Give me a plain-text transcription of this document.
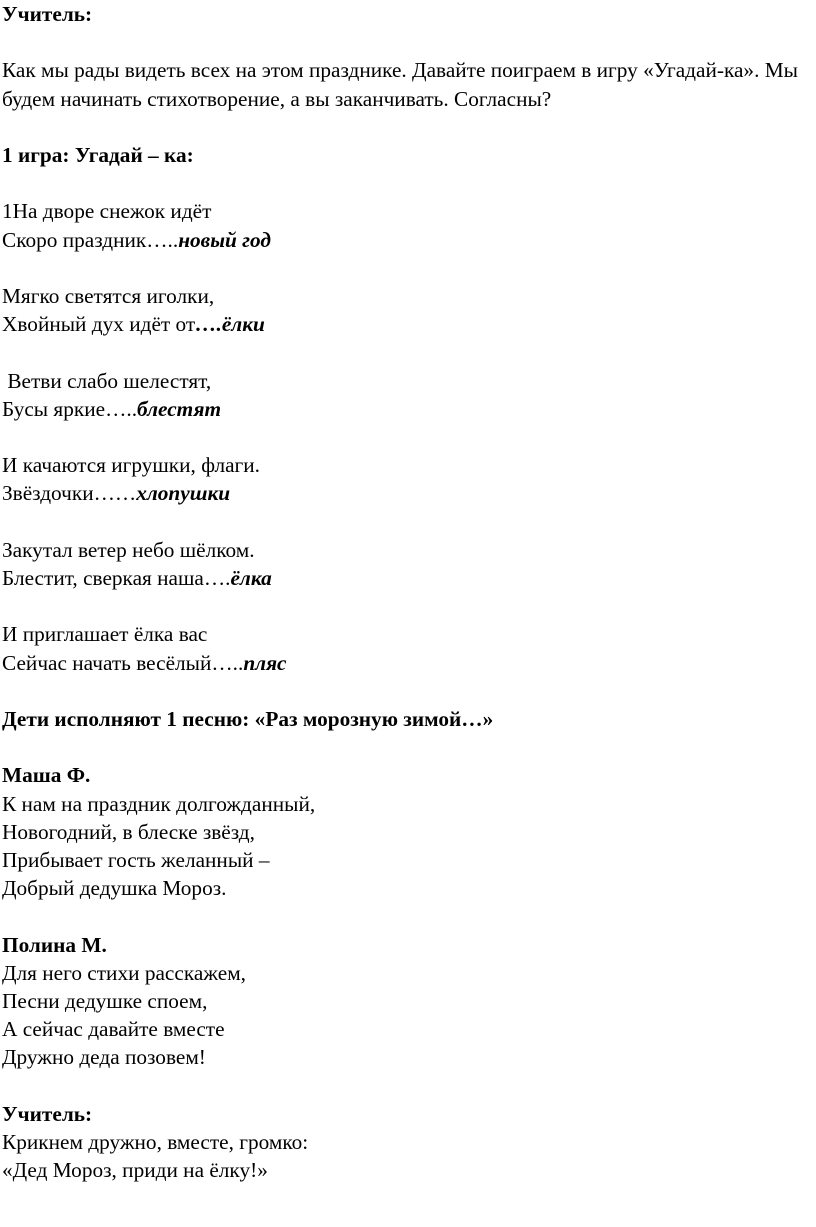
Учитель:

Как мы рады видеть всех на этом празднике. Давайте поиграем в игру «Угадай-ка». Мы будем начинать стихотворение, а вы заканчивать. Согласны?

1 игра: Угадай – ка:

1На дворе снежок идёт

Скоро праздник…..новый год

Мягко светятся иголки,

Хвойный дух идёт от….ёлки

Ветви слабо шелестят,

Бусы яркие…..блестят

И качаются игрушки, флаги.

Звёздочки……хлопушки

Закутал ветер небо шёлком.

Блестит, сверкая наша….ёлка

И приглашает ёлка вас

Сейчас начать весёлый…..пляс

Дети исполняют 1 песню: «Раз морозную зимой…»

Маша Ф.

К нам на праздник долгожданный,

Новогодний, в блеске звёзд,

Прибывает гость желанный –

Добрый дедушка Мороз.

Полина М.

Для него стихи расскажем,

Песни дедушке споем,

А сейчас давайте вместе

Дружно деда позовем!

Учитель:

Крикнем дружно, вместе, громко:

«Дед Мороз, приди на ёлку!»
